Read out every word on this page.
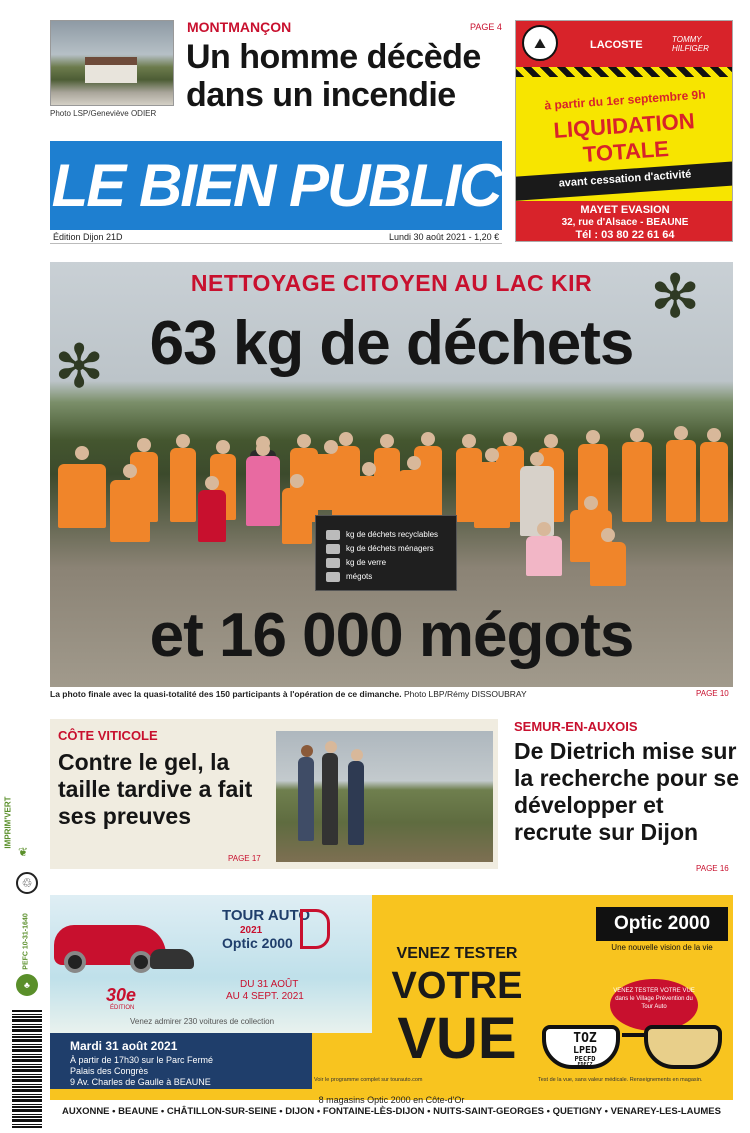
Photo LSP/Geneviève ODIER
MONTMANÇON	PAGE 4
Un homme décède dans un incendie
LE BIEN PUBLIC
Édition Dijon 21D	Lundi 30 août 2021 - 1,20 €
⛰	LACOSTE	TOMMY HILFIGER
à partir du 1er septembre 9h
LIQUIDATION TOTALE
avant cessation d'activité
MAYET EVASION
32, rue d'Alsace - BEAUNE
Tél : 03 80 22 61 64
✻
✻
kg de déchets recyclables
kg de déchets ménagers
kg de verre
mégots
NETTOYAGE CITOYEN AU LAC KIR
63 kg de déchets
et 16 000 mégots
La photo finale avec la quasi-totalité des 150 participants à l'opération de ce dimanche. Photo LBP/Rémy DISSOUBRAY	PAGE 10
CÔTE VITICOLE
Contre le gel, la taille tardive a fait ses preuves
PAGE 17
SEMUR-EN-AUXOIS
De Dietrich mise sur la recherche pour se développer et recrute sur Dijon
PAGE 16
IMPRIM'VERT
❦
♲
PEFC 10-31-1640
♣
TOUR AUTO
2021
Optic 2000
DU 31 AOÛT
AU 4 SEPT. 2021
30e
ÉDITION
Venez admirer 230 voitures de collection
Mardi 31 août 2021
À partir de 17h30 sur le Parc Fermé
Palais des Congrès
9 Av. Charles de Gaulle à BEAUNE	Voir le programme complet sur tourauto.com
Optic 2000
Une nouvelle vision de la vie
VENEZ TESTER
VOTRE
VUE
VENEZ TESTER VOTRE VUE dans le Village Prévention du Tour Auto
TOZ
LPED
PECFD
EDFCZ
Test de la vue, sans valeur médicale. Renseignements en magasin.
8 magasins Optic 2000 en Côte-d'Or
AUXONNE • BEAUNE • CHÂTILLON-SUR-SEINE • DIJON • FONTAINE-LÈS-DIJON • NUITS-SAINT-GEORGES • QUETIGNY • VENAREY-LES-LAUMES
